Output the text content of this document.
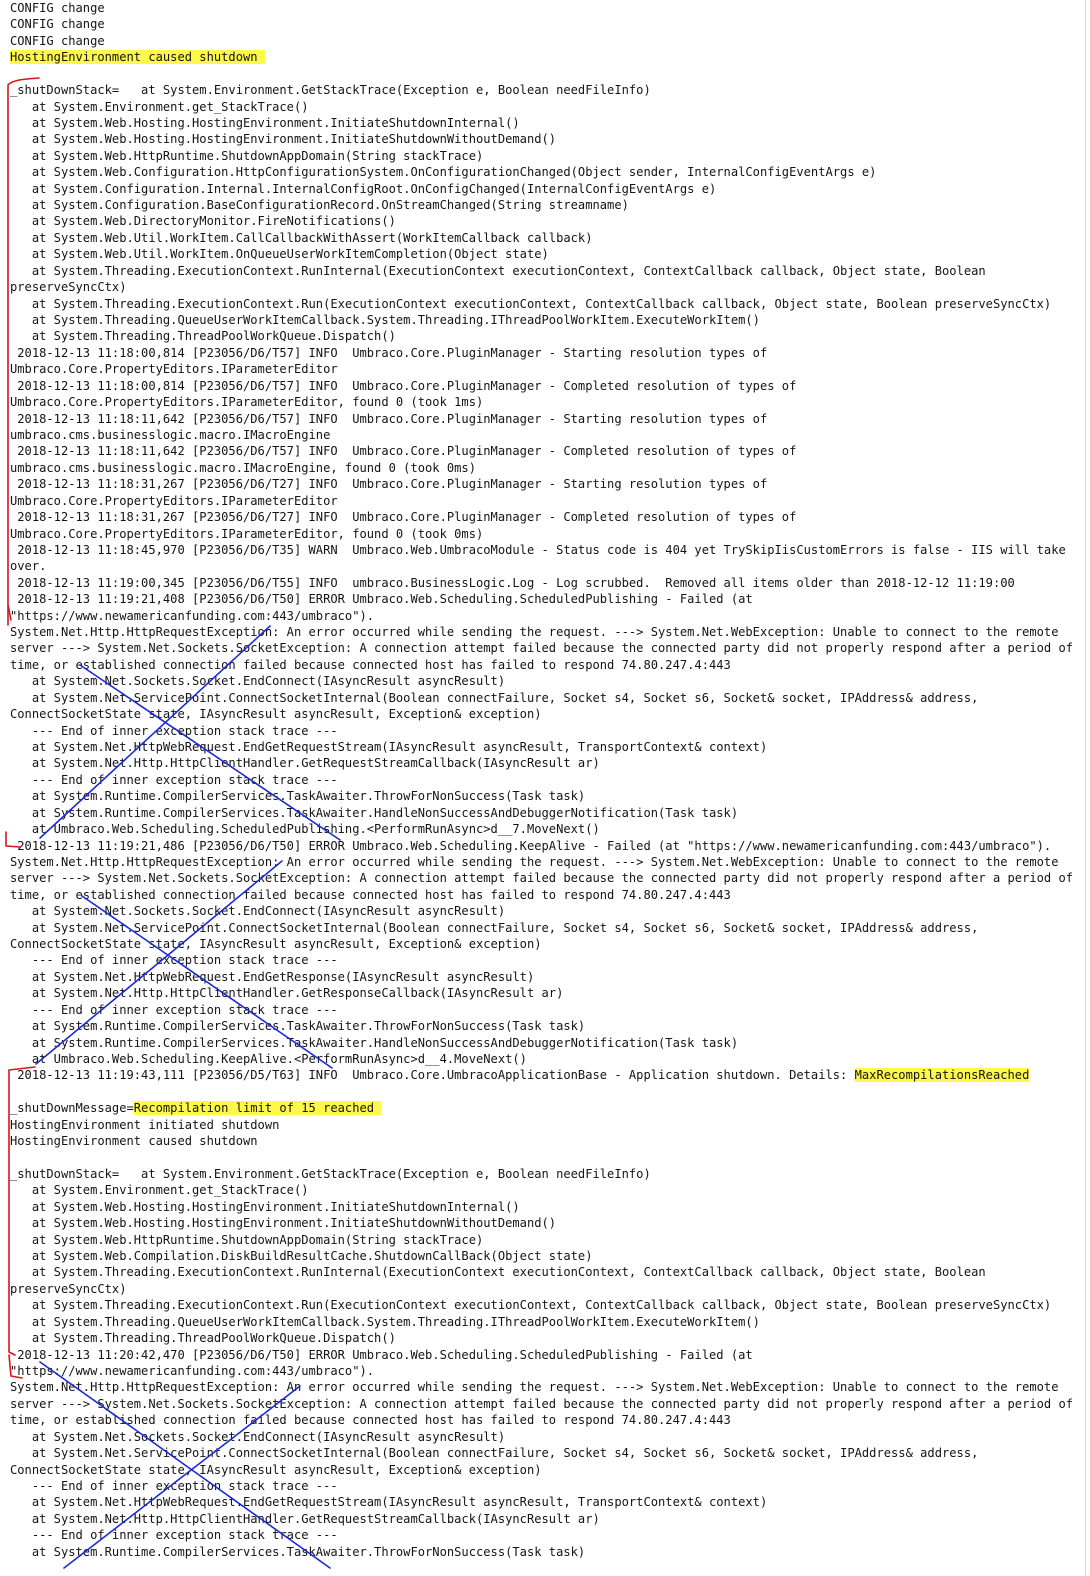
CONFIG change
CONFIG change
CONFIG change
HostingEnvironment caused shutdown
_shutDownStack=   at System.Environment.GetStackTrace(Exception e, Boolean needFileInfo)
at System.Environment.get_StackTrace()
at System.Web.Hosting.HostingEnvironment.InitiateShutdownInternal()
at System.Web.Hosting.HostingEnvironment.InitiateShutdownWithoutDemand()
at System.Web.HttpRuntime.ShutdownAppDomain(String stackTrace)
at System.Web.Configuration.HttpConfigurationSystem.OnConfigurationChanged(Object sender, InternalConfigEventArgs e)
at System.Configuration.Internal.InternalConfigRoot.OnConfigChanged(InternalConfigEventArgs e)
at System.Configuration.BaseConfigurationRecord.OnStreamChanged(String streamname)
at System.Web.DirectoryMonitor.FireNotifications()
at System.Web.Util.WorkItem.CallCallbackWithAssert(WorkItemCallback callback)
at System.Web.Util.WorkItem.OnQueueUserWorkItemCompletion(Object state)
at System.Threading.ExecutionContext.RunInternal(ExecutionContext executionContext, ContextCallback callback, Object state, Boolean
preserveSyncCtx)
at System.Threading.ExecutionContext.Run(ExecutionContext executionContext, ContextCallback callback, Object state, Boolean preserveSyncCtx)
at System.Threading.QueueUserWorkItemCallback.System.Threading.IThreadPoolWorkItem.ExecuteWorkItem()
at System.Threading.ThreadPoolWorkQueue.Dispatch()
2018-12-13 11:18:00,814 [P23056/D6/T57] INFO  Umbraco.Core.PluginManager - Starting resolution types of
Umbraco.Core.PropertyEditors.IParameterEditor
2018-12-13 11:18:00,814 [P23056/D6/T57] INFO  Umbraco.Core.PluginManager - Completed resolution of types of
Umbraco.Core.PropertyEditors.IParameterEditor, found 0 (took 1ms)
2018-12-13 11:18:11,642 [P23056/D6/T57] INFO  Umbraco.Core.PluginManager - Starting resolution types of
umbraco.cms.businesslogic.macro.IMacroEngine
2018-12-13 11:18:11,642 [P23056/D6/T57] INFO  Umbraco.Core.PluginManager - Completed resolution of types of
umbraco.cms.businesslogic.macro.IMacroEngine, found 0 (took 0ms)
2018-12-13 11:18:31,267 [P23056/D6/T27] INFO  Umbraco.Core.PluginManager - Starting resolution types of
Umbraco.Core.PropertyEditors.IParameterEditor
2018-12-13 11:18:31,267 [P23056/D6/T27] INFO  Umbraco.Core.PluginManager - Completed resolution of types of
Umbraco.Core.PropertyEditors.IParameterEditor, found 0 (took 0ms)
2018-12-13 11:18:45,970 [P23056/D6/T35] WARN  Umbraco.Web.UmbracoModule - Status code is 404 yet TrySkipIisCustomErrors is false - IIS will take
over.
2018-12-13 11:19:00,345 [P23056/D6/T55] INFO  umbraco.BusinessLogic.Log - Log scrubbed.  Removed all items older than 2018-12-12 11:19:00
2018-12-13 11:19:21,408 [P23056/D6/T50] ERROR Umbraco.Web.Scheduling.ScheduledPublishing - Failed (at
"https://www.newamericanfunding.com:443/umbraco").
System.Net.Http.HttpRequestException: An error occurred while sending the request. ---> System.Net.WebException: Unable to connect to the remote
server ---> System.Net.Sockets.SocketException: A connection attempt failed because the connected party did not properly respond after a period of
time, or established connection failed because connected host has failed to respond 74.80.247.4:443
at System.Net.Sockets.Socket.EndConnect(IAsyncResult asyncResult)
at System.Net.ServicePoint.ConnectSocketInternal(Boolean connectFailure, Socket s4, Socket s6, Socket& socket, IPAddress& address,
ConnectSocketState state, IAsyncResult asyncResult, Exception& exception)
--- End of inner exception stack trace ---
at System.Net.HttpWebRequest.EndGetRequestStream(IAsyncResult asyncResult, TransportContext& context)
at System.Net.Http.HttpClientHandler.GetRequestStreamCallback(IAsyncResult ar)
--- End of inner exception stack trace ---
at System.Runtime.CompilerServices.TaskAwaiter.ThrowForNonSuccess(Task task)
at System.Runtime.CompilerServices.TaskAwaiter.HandleNonSuccessAndDebuggerNotification(Task task)
at Umbraco.Web.Scheduling.ScheduledPublishing.<PerformRunAsync>d__7.MoveNext()
2018-12-13 11:19:21,486 [P23056/D6/T50] ERROR Umbraco.Web.Scheduling.KeepAlive - Failed (at "https://www.newamericanfunding.com:443/umbraco").
System.Net.Http.HttpRequestException: An error occurred while sending the request. ---> System.Net.WebException: Unable to connect to the remote
server ---> System.Net.Sockets.SocketException: A connection attempt failed because the connected party did not properly respond after a period of
time, or established connection failed because connected host has failed to respond 74.80.247.4:443
at System.Net.Sockets.Socket.EndConnect(IAsyncResult asyncResult)
at System.Net.ServicePoint.ConnectSocketInternal(Boolean connectFailure, Socket s4, Socket s6, Socket& socket, IPAddress& address,
ConnectSocketState state, IAsyncResult asyncResult, Exception& exception)
--- End of inner exception stack trace ---
at System.Net.HttpWebRequest.EndGetResponse(IAsyncResult asyncResult)
at System.Net.Http.HttpClientHandler.GetResponseCallback(IAsyncResult ar)
--- End of inner exception stack trace ---
at System.Runtime.CompilerServices.TaskAwaiter.ThrowForNonSuccess(Task task)
at System.Runtime.CompilerServices.TaskAwaiter.HandleNonSuccessAndDebuggerNotification(Task task)
at Umbraco.Web.Scheduling.KeepAlive.<PerformRunAsync>d__4.MoveNext()
2018-12-13 11:19:43,111 [P23056/D5/T63] INFO  Umbraco.Core.UmbracoApplicationBase - Application shutdown. Details: MaxRecompilationsReached
_shutDownMessage=Recompilation limit of 15 reached
HostingEnvironment initiated shutdown
HostingEnvironment caused shutdown
_shutDownStack=   at System.Environment.GetStackTrace(Exception e, Boolean needFileInfo)
at System.Environment.get_StackTrace()
at System.Web.Hosting.HostingEnvironment.InitiateShutdownInternal()
at System.Web.Hosting.HostingEnvironment.InitiateShutdownWithoutDemand()
at System.Web.HttpRuntime.ShutdownAppDomain(String stackTrace)
at System.Web.Compilation.DiskBuildResultCache.ShutdownCallBack(Object state)
at System.Threading.ExecutionContext.RunInternal(ExecutionContext executionContext, ContextCallback callback, Object state, Boolean
preserveSyncCtx)
at System.Threading.ExecutionContext.Run(ExecutionContext executionContext, ContextCallback callback, Object state, Boolean preserveSyncCtx)
at System.Threading.QueueUserWorkItemCallback.System.Threading.IThreadPoolWorkItem.ExecuteWorkItem()
at System.Threading.ThreadPoolWorkQueue.Dispatch()
2018-12-13 11:20:42,470 [P23056/D6/T50] ERROR Umbraco.Web.Scheduling.ScheduledPublishing - Failed (at
"https://www.newamericanfunding.com:443/umbraco").
System.Net.Http.HttpRequestException: An error occurred while sending the request. ---> System.Net.WebException: Unable to connect to the remote
server ---> System.Net.Sockets.SocketException: A connection attempt failed because the connected party did not properly respond after a period of
time, or established connection failed because connected host has failed to respond 74.80.247.4:443
at System.Net.Sockets.Socket.EndConnect(IAsyncResult asyncResult)
at System.Net.ServicePoint.ConnectSocketInternal(Boolean connectFailure, Socket s4, Socket s6, Socket& socket, IPAddress& address,
ConnectSocketState state, IAsyncResult asyncResult, Exception& exception)
--- End of inner exception stack trace ---
at System.Net.HttpWebRequest.EndGetRequestStream(IAsyncResult asyncResult, TransportContext& context)
at System.Net.Http.HttpClientHandler.GetRequestStreamCallback(IAsyncResult ar)
--- End of inner exception stack trace ---
at System.Runtime.CompilerServices.TaskAwaiter.ThrowForNonSuccess(Task task)
